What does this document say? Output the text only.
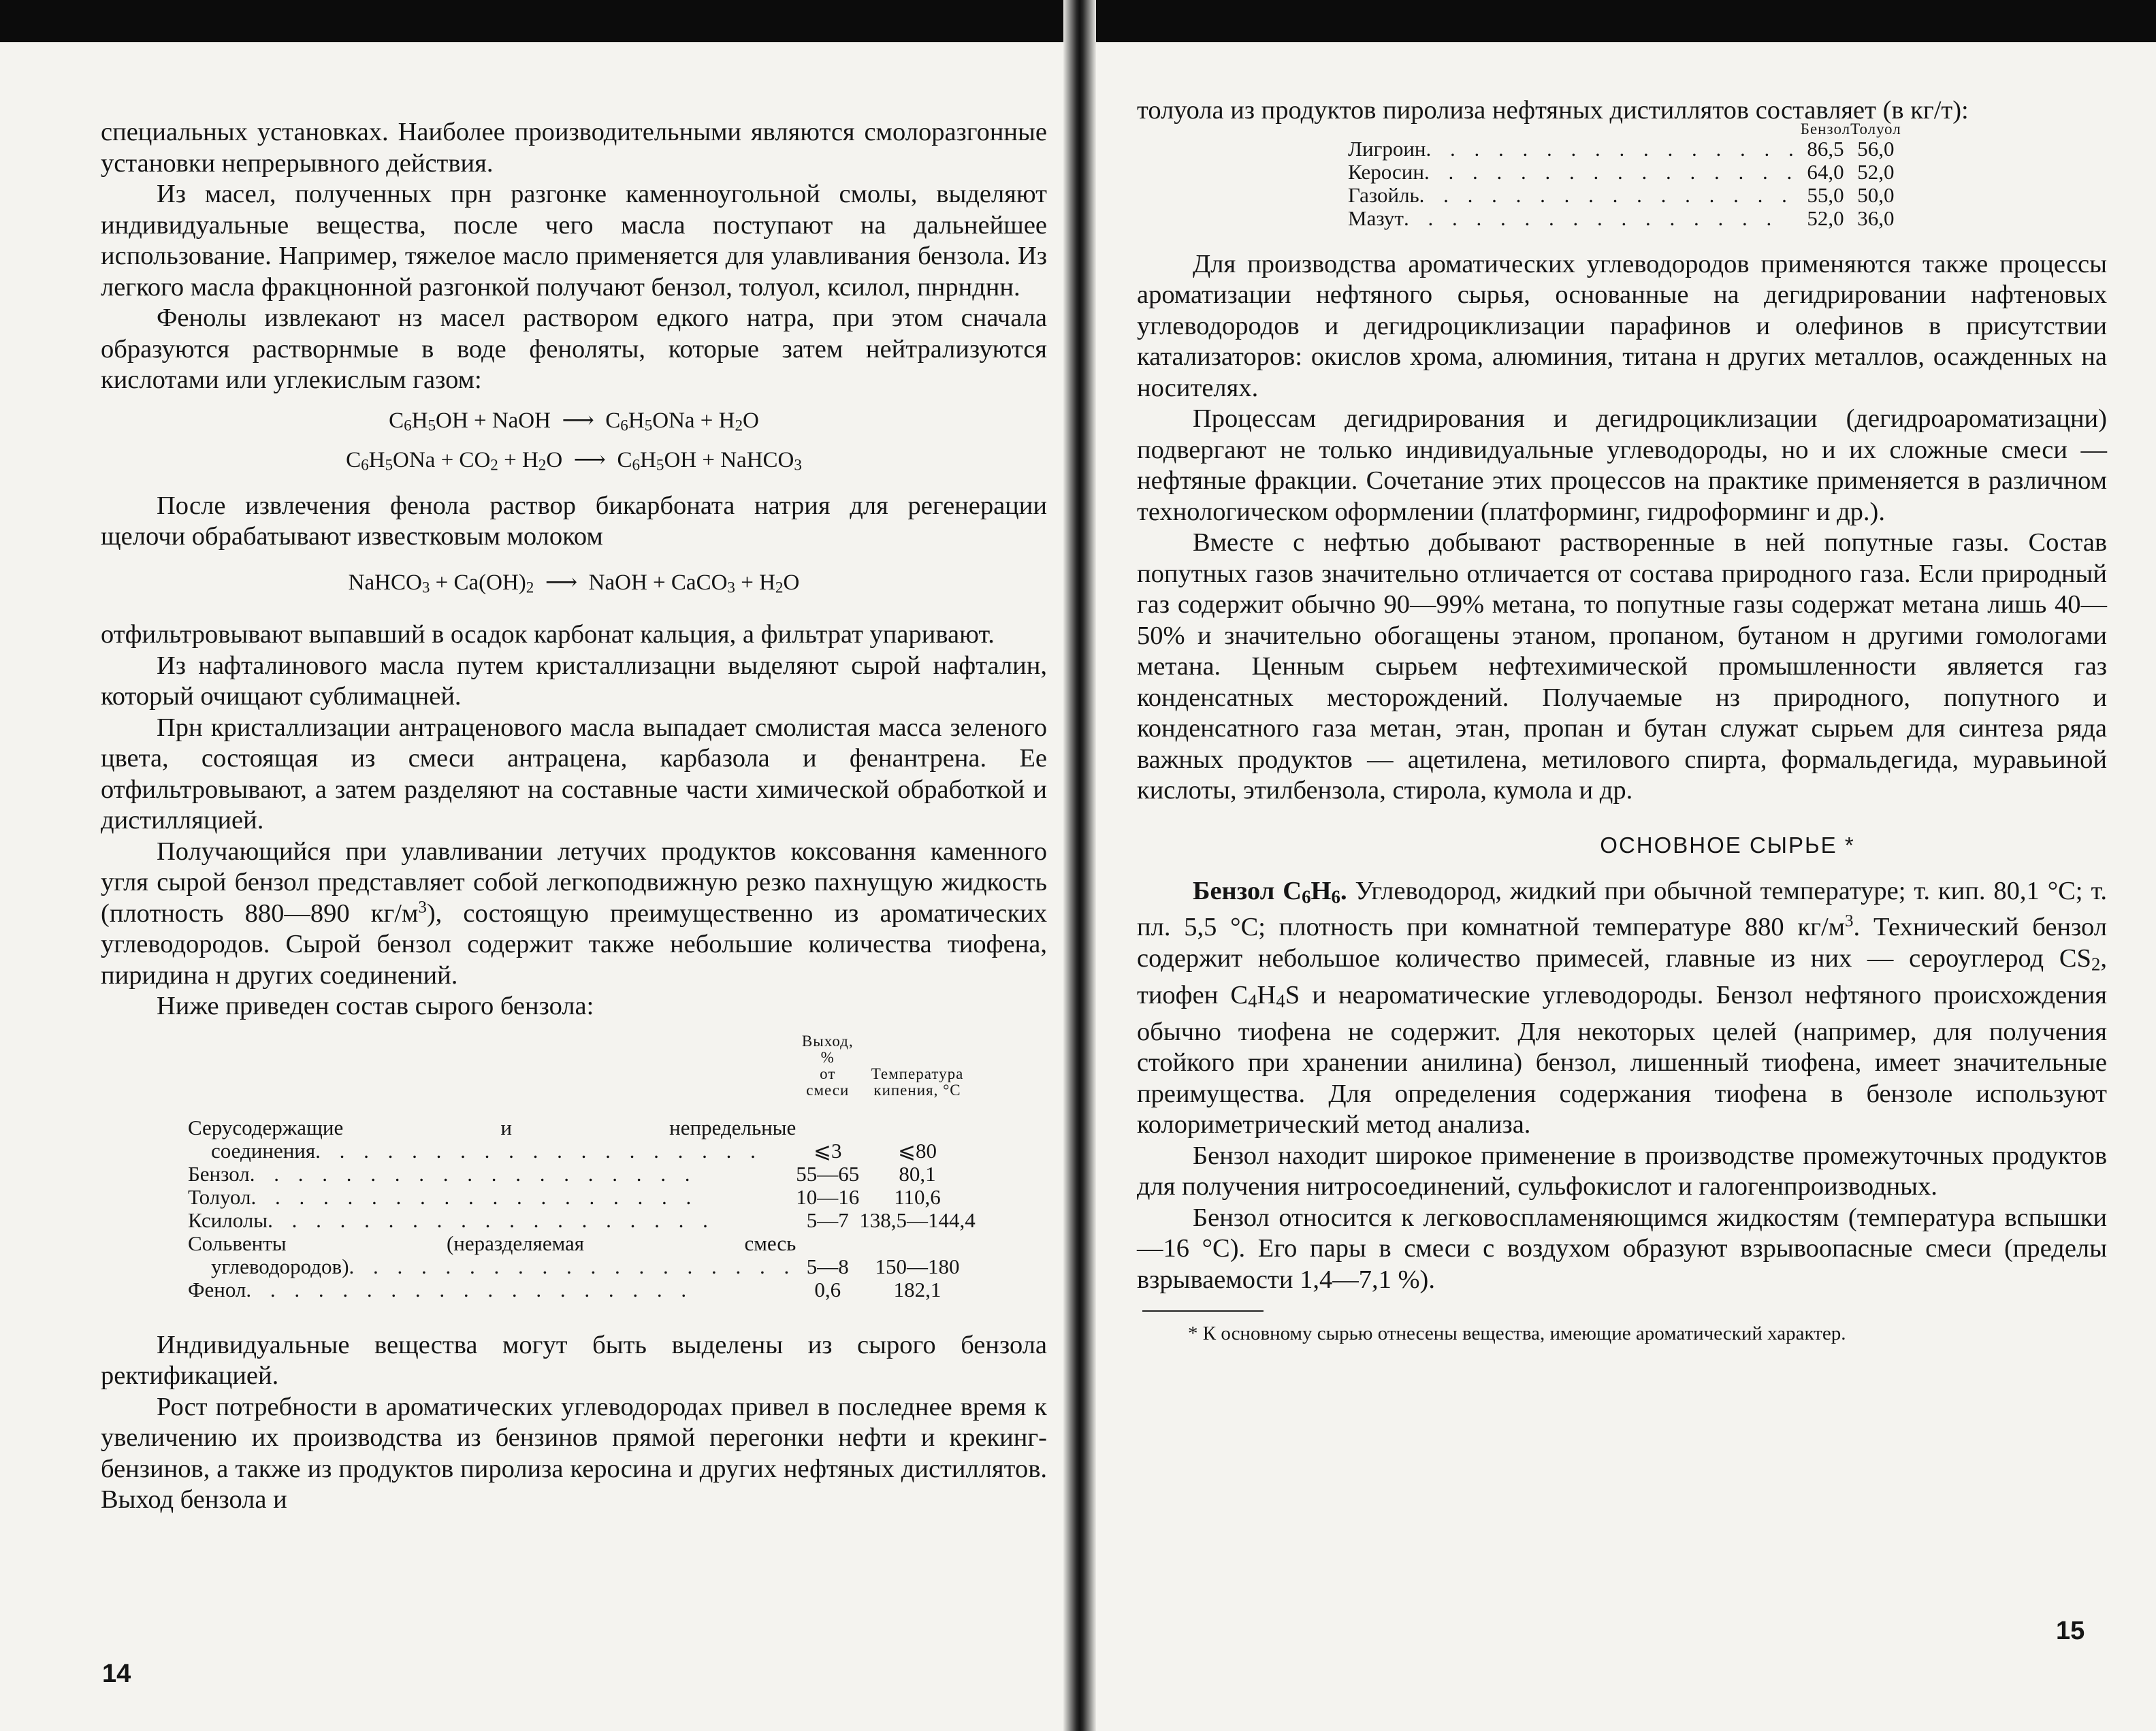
специальных установках. Наиболее производительными являются смолоразгонные установки непрерывного действия.

Из масел, полученных прн разгонке каменноугольной смолы, выделяют индивидуальные вещества, после чего масла поступают на дальнейшее использование. Например, тяжелое масло применяется для улавливания бензола. Из легкого масла фракцнонной разгонкой получают бензол, толуол, ксилол, пнрнднн.

Фенолы извлекают нз масел раствором едкого натра, при этом сначала образуются растворнмые в воде феноляты, которые затем нейтрализуются кислотами или углекислым газом:

$C_6H_5OH$ + NaOH ⟶ $C_6H_5ONa + H_2O$
$C_6H_5ONa + CO_2 + H_2O$ ⟶ $C_6H_5OH$ + NaHCO$_3$

После извлечения фенола раствор бикарбоната натрия для регенерации щелочи обрабатывают известковым молоком

NaHCO$_3$ + $Ca(OH)_2$ ⟶ NaOH + CaCO$_3$ + $H_2O$

отфильтровывают выпавший в осадок карбонат кальция, а фильтрат упаривают.

Из нафталинового масла путем кристаллизацни выделяют сырой нафталин, который очищают сублимацней.

Прн кристаллизации антраценового масла выпадает смолистая масса зеленого цвета, состоящая из смеси антрацена, карбазола и фенантрена. Ее отфильтровывают, а затем разделяют на составные части химической обработкой и дистилляцией.

Получающийся при улавливании летучих продуктов коксовання каменного угля сырой бензол представляет собой легкоподвижную резко пахнущую жидкость (плотность 880—890 $кг/м^3$), состоящую преимущественно из ароматических углеводородов. Сырой бензол содержит также небольшие количества тиофена, пиридина н других соединений.

Ниже приведен состав сырого бензола:

	Выход, %
от смеси	Температура
кипения, °C

Серусодержащие и непредельные		
соединения. . . . . . . . . . . . . . . . . . .	⩽3	⩽80
Бензол. . . . . . . . . . . . . . . . . . .	55—65	80,1
Толуол. . . . . . . . . . . . . . . . . . .	10—16	110,6
Ксилолы. . . . . . . . . . . . . . . . . . .	5—7	138,5—144,4
Сольвенты (неразделяемая смесь		
углеводородов). . . . . . . . . . . . . . . . . . .	5—8	150—180
Фенол. . . . . . . . . . . . . . . . . . .	0,6	182,1

Индивидуальные вещества могут быть выделены из сырого бензола ректификацией.

Рост потребности в ароматических углеводородах привел в последнее время к увеличению их производства из бензинов прямой перегонки нефти и крекинг-бензинов, а также из продуктов пиролиза керосина и других нефтяных дистиллятов. Выход бензола и

14

толуола из продуктов пиролиза нефтяных дистиллятов составляет (в кг/т):

	Бензол	Толуол
Лигроин. . . . . . . . . . . . . . . .	86,5	56,0
Керосин. . . . . . . . . . . . . . . .	64,0	52,0
Газойль. . . . . . . . . . . . . . . .	55,0	50,0
Мазут. . . . . . . . . . . . . . . .	52,0	36,0

Для производства ароматических углеводородов применяются также процессы ароматизации нефтяного сырья, основанные на дегидрировании нафтеновых углеводородов и дегидроциклизации парафинов и олефинов в присутствии катализаторов: окислов хрома, алюминия, титана н других металлов, осажденных на носителях.

Процессам дегидрирования и дегидроциклизации (дегидроароматизацни) подвергают не только индивидуальные углеводороды, но и их сложные смеси — нефтяные фракции. Сочетание этих процессов на практике применяется в различном технологическом оформлении (платформинг, гидроформинг и др.).

Вместе с нефтью добывают растворенные в ней попутные газы. Состав попутных газов значительно отличается от состава природного газа. Если природный газ содержит обычно 90—99% метана, то попутные газы содержат метана лишь 40—50% и значительно обогащены этаном, пропаном, бутаном н другими гомологами метана. Ценным сырьем нефтехимической промышленности является газ конденсатных месторождений. Получаемые нз природного, попутного и конденсатного газа метан, этан, пропан и бутан служат сырьем для синтеза ряда важных продуктов — ацетилена, метилового спирта, формальдегида, муравьиной кислоты, этилбензола, стирола, кумола и др.

ОСНОВНОЕ СЫРЬЕ *

Бензол $C_6H_6$. Углеводород, жидкий при обычной температуре; т. кип. 80,1 °C; т. пл. 5,5 °C; плотность при комнатной температуре 880 $кг/м^3$. Технический бензол содержит небольшое количество примесей, главные из них — сероуглерод $CS_2$, тиофен $C_4H_4S$ и неароматические углеводороды. Бензол нефтяного происхождения обычно тиофена не содержит. Для некоторых целей (например, для получения стойкого при хранении анилина) бензол, лишенный тиофена, имеет значительные преимущества. Для определения содержания тиофена в бензоле используют колориметрический метод анализа.

Бензол находит широкое применение в производстве промежуточных продуктов для получения нитросоединений, сульфокислот и галогенпроизводных.

Бензол относится к легковоспламеняющимся жидкостям (температура вспышки —16 °C). Его пары в смеси с воздухом образуют взрывоопасные смеси (пределы взрываемости 1,4—7,1 %).

* К основному сырью отнесены вещества, имеющие ароматический характер.
15
